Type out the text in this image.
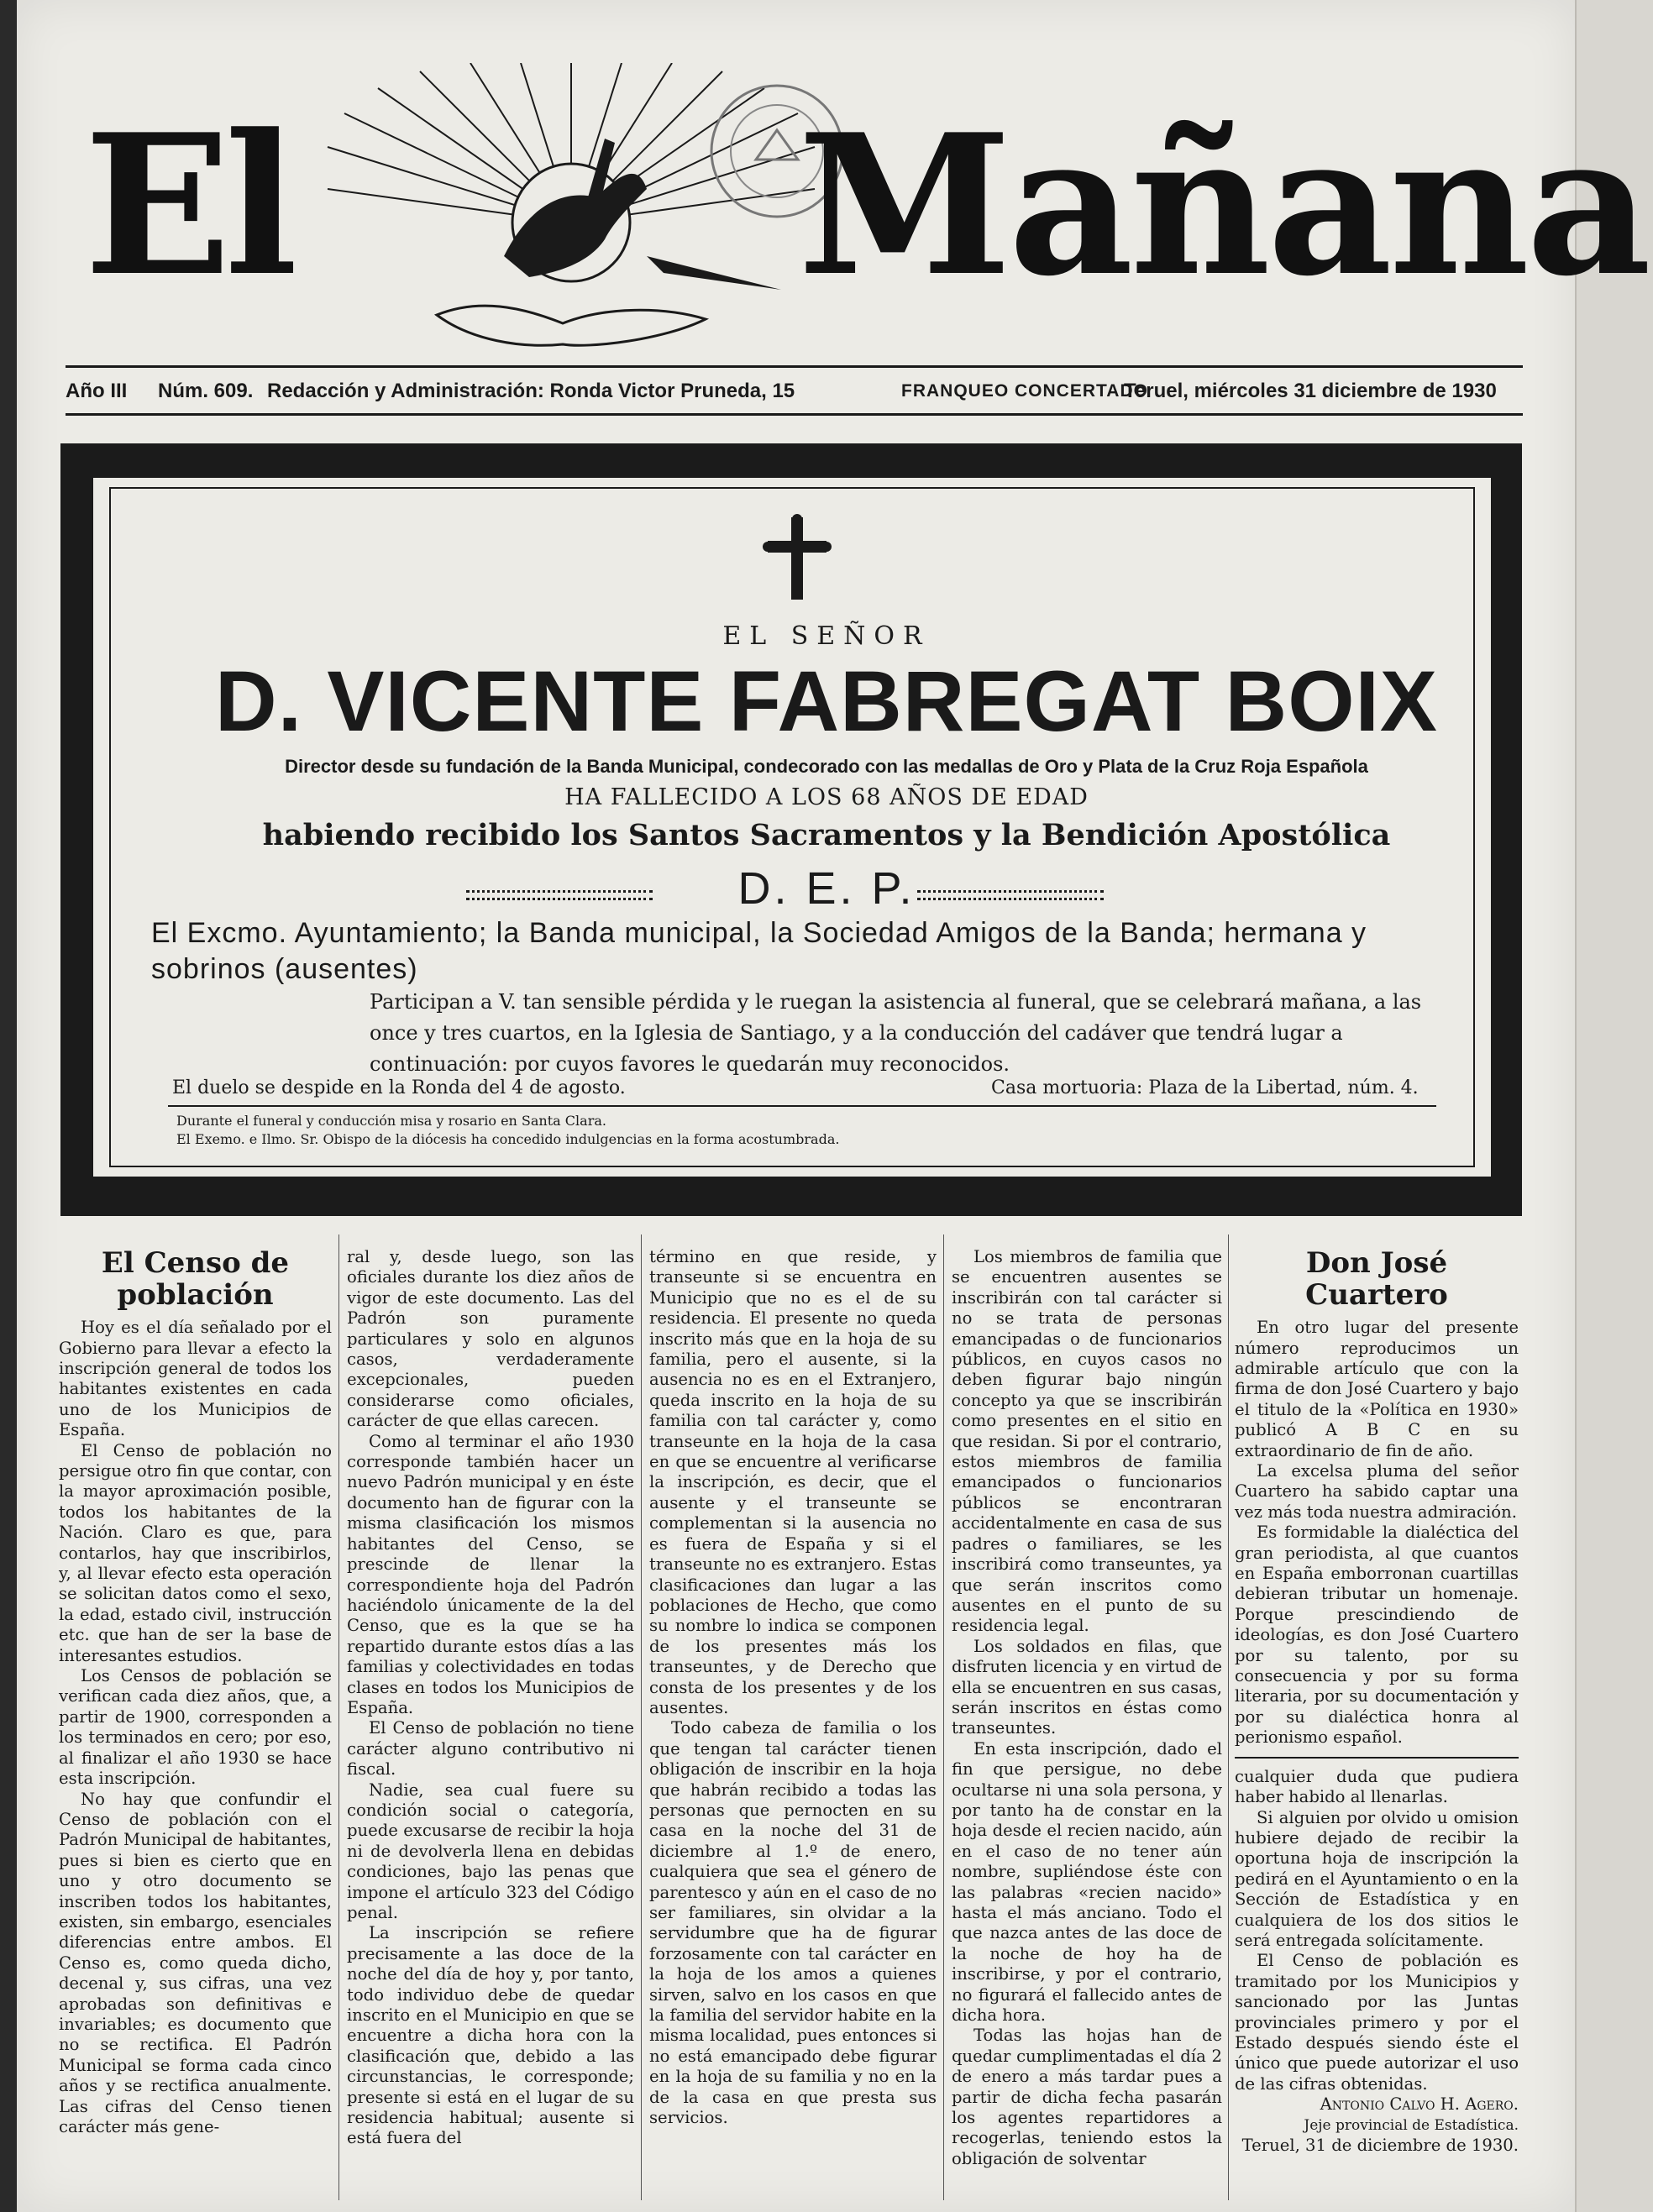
El	Mañana
Año III Núm. 609. Redacción y Administración: Ronda Victor Pruneda, 15	FRANQUEO CONCERTADO
Teruel, miércoles 31 diciembre de 1930
EL SEÑOR
D. VICENTE FABREGAT BOIX
Director desde su fundación de la Banda Municipal, condecorado con las medallas de Oro y Plata de la Cruz Roja Española
HA FALLECIDO A LOS 68 AÑOS DE EDAD
habiendo recibido los Santos Sacramentos y la Bendición Apostólica
D. E. P.
El Excmo. Ayuntamiento; la Banda municipal, la Sociedad Amigos de la Banda; hermana y sobrinos (ausentes)
Participan a V. tan sensible pérdida y le ruegan la asistencia al funeral, que se celebrará mañana, a las once y tres cuartos, en la Iglesia de Santiago, y a la conducción del cadáver que tendrá lugar a continuación: por cuyos favores le quedarán muy reconocidos.
El duelo se despide en la Ronda del 4 de agosto.	Casa mortuoria: Plaza de la Libertad, núm. 4.
Durante el funeral y conducción misa y rosario en Santa Clara.
El Exemo. e Ilmo. Sr. Obispo de la diócesis ha concedido indulgencias en la forma acostumbrada.
El Censo de población

Hoy es el día señalado por el Gobierno para llevar a efecto la inscripción general de todos los habitantes existentes en cada uno de los Municipios de España.

El Censo de población no persigue otro fin que contar, con la mayor aproximación posible, todos los habitantes de la Nación. Claro es que, para contarlos, hay que inscribirlos, y, al llevar efecto esta operación se solicitan datos como el sexo, la edad, estado civil, instrucción etc. que han de ser la base de interesantes estudios.

Los Censos de población se verifican cada diez años, que, a partir de 1900, corresponden a los terminados en cero; por eso, al finalizar el año 1930 se hace esta inscripción.

No hay que confundir el Censo de población con el Padrón Municipal de habitantes, pues si bien es cierto que en uno y otro documento se inscriben todos los habitantes, existen, sin embargo, esenciales diferencias entre ambos. El Censo es, como queda dicho, decenal y, sus cifras, una vez aprobadas son definitivas e invariables; es documento que no se rectifica. El Padrón Municipal se forma cada cinco años y se rectifica anualmente. Las cifras del Censo tienen carácter más gene-

ral y, desde luego, son las oficiales durante los diez años de vigor de este documento. Las del Padrón son puramente particulares y solo en algunos casos, verdaderamente excepcionales, pueden considerarse como oficiales, carácter de que ellas carecen.

Como al terminar el año 1930 corresponde también hacer un nuevo Padrón municipal y en éste documento han de figurar con la misma clasificación los mismos habitantes del Censo, se prescinde de llenar la correspondiente hoja del Padrón haciéndolo únicamente de la del Censo, que es la que se ha repartido durante estos días a las familias y colectividades en todas clases en todos los Municipios de España.

El Censo de población no tiene carácter alguno contributivo ni fiscal.

Nadie, sea cual fuere su condición social o categoría, puede excusarse de recibir la hoja ni de devolverla llena en debidas condiciones, bajo las penas que impone el artículo 323 del Código penal.

La inscripción se refiere precisamente a las doce de la noche del día de hoy y, por tanto, todo individuo debe de quedar inscrito en el Municipio en que se encuentre a dicha hora con la clasificación que, debido a las circunstancias, le corresponde; presente si está en el lugar de su residencia habitual; ausente si está fuera del

término en que reside, y transeunte si se encuentra en Municipio que no es el de su residencia. El presente no queda inscrito más que en la hoja de su familia, pero el ausente, si la ausencia no es en el Extranjero, queda inscrito en la hoja de su familia con tal carácter y, como transeunte en la hoja de la casa en que se encuentre al verificarse la inscripción, es decir, que el ausente y el transeunte se complementan si la ausencia no es fuera de España y si el transeunte no es extranjero. Estas clasificaciones dan lugar a las poblaciones de Hecho, que como su nombre lo indica se componen de los presentes más los transeuntes, y de Derecho que consta de los presentes y de los ausentes.

Todo cabeza de familia o los que tengan tal carácter tienen obligación de inscribir en la hoja que habrán recibido a todas las personas que pernocten en su casa en la noche del 31 de diciembre al 1.º de enero, cualquiera que sea el género de parentesco y aún en el caso de no ser familiares, sin olvidar a la servidumbre que ha de figurar forzosamente con tal carácter en la hoja de los amos a quienes sirven, salvo en los casos en que la familia del servidor habite en la misma localidad, pues entonces si no está emancipado debe figurar en la hoja de su familia y no en la de la casa en que presta sus servicios.

Los miembros de familia que se encuentren ausentes se inscribirán con tal carácter si no se trata de personas emancipadas o de funcionarios públicos, en cuyos casos no deben figurar bajo ningún concepto ya que se inscribirán como presentes en el sitio en que residan. Si por el contrario, estos miembros de familia emancipados o funcionarios públicos se encontraran accidentalmente en casa de sus padres o familiares, se les inscribirá como transeuntes, ya que serán inscritos como ausentes en el punto de su residencia legal.

Los soldados en filas, que disfruten licencia y en virtud de ella se encuentren en sus casas, serán inscritos en éstas como transeuntes.

En esta inscripción, dado el fin que persigue, no debe ocultarse ni una sola persona, y por tanto ha de constar en la hoja desde el recien nacido, aún en el caso de no tener aún nombre, supliéndose éste con las palabras «recien nacido» hasta el más anciano. Todo el que nazca antes de las doce de la noche de hoy ha de inscribirse, y por el contrario, no figurará el fallecido antes de dicha hora.

Todas las hojas han de quedar cumplimentadas el día 2 de enero a más tardar pues a partir de dicha fecha pasarán los agentes repartidores a recogerlas, teniendo estos la obligación de solventar

Don José Cuartero

En otro lugar del presente número reproducimos un admirable artículo que con la firma de don José Cuartero y bajo el titulo de la «Política en 1930» publicó A B C en su extraordinario de fin de año.

La excelsa pluma del señor Cuartero ha sabido captar una vez más toda nuestra admiración.

Es formidable la dialéctica del gran periodista, al que cuantos en España emborronan cuartillas debieran tributar un homenaje. Porque prescindiendo de ideologías, es don José Cuartero por su talento, por su consecuencia y por su forma literaria, por su documentación y por su dialéctica honra al perionismo español.

cualquier duda que pudiera haber habido al llenarlas.

Si alguien por olvido u omision hubiere dejado de recibir la oportuna hoja de inscripción la pedirá en el Ayuntamiento o en la Sección de Estadística y en cualquiera de los dos sitios le será entregada solícitamente.

El Censo de población es tramitado por los Municipios y sancionado por las Juntas provinciales primero y por el Estado después siendo éste el único que puede autorizar el uso de las cifras obtenidas.

Antonio Calvo H. Agero.

Jeje provincial de Estadística.

Teruel, 31 de diciembre de 1930.
